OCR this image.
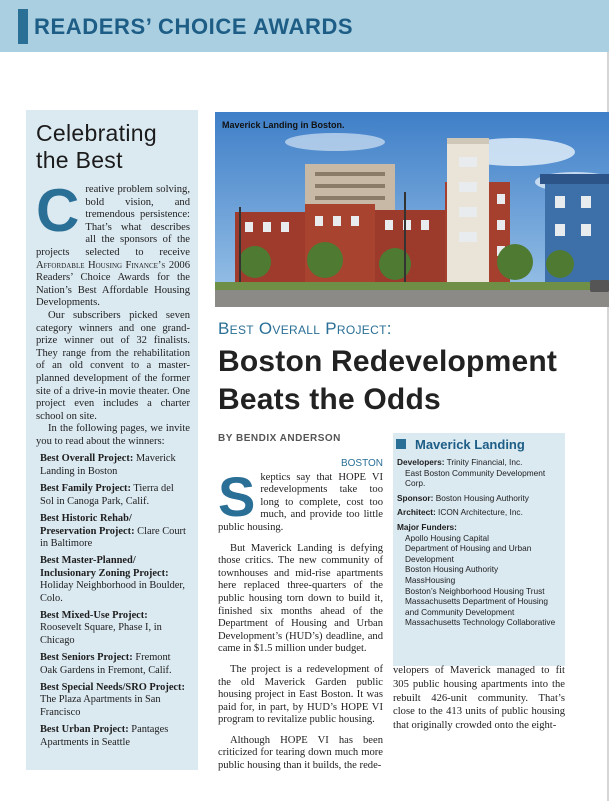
READERS’ CHOICE AWARDS
Celebrating the Best

Creative problem solving, bold vision, and tremendous persistence: That’s what describes all the sponsors of the projects selected to receive Affordable Housing Finance’s 2006 Readers’ Choice Awards for the Nation’s Best Affordable Housing Developments.

Our subscribers picked seven category winners and one grand-prize winner out of 32 finalists. They range from the rehabilitation of an old convent to a master-planned development of the former site of a drive-in movie theater. One project even includes a charter school on site.

In the following pages, we invite you to read about the winners:

Best Overall Project: Maverick Landing in Boston
Best Family Project: Tierra del Sol in Canoga Park, Calif.
Best Historic Rehab/ Preservation Project: Clare Court in Baltimore
Best Master-Planned/ Inclusionary Zoning Project: Holiday Neighborhood in Boulder, Colo.
Best Mixed-Use Project: Roosevelt Square, Phase I, in Chicago
Best Seniors Project: Fremont Oak Gardens in Fremont, Calif.
Best Special Needs/SRO Project: The Plaza Apartments in San Francisco
Best Urban Project: Pantages Apartments in Seattle
Maverick Landing in Boston.
Best Overall Project:
Boston Redevelopment Beats the Odds
BY BENDIX ANDERSON
BOSTON

Skeptics say that HOPE VI redevelopments take too long to complete, cost too much, and provide too little public housing.

But Maverick Landing is defying those critics. The new community of townhouses and mid-rise apartments here replaced three-quarters of the public housing torn down to build it, finished six months ahead of the Department of Housing and Urban Development’s (HUD’s) deadline, and came in $1.5 million under budget.

The project is a redevelopment of the old Maverick Garden public housing project in East Boston. It was paid for, in part, by HUD’s HOPE VI program to revitalize public housing.

Although HOPE VI has been criticized for tearing down much more public housing than it builds, the rede-

Maverick Landing
Developers: Trinity Financial, Inc.
East Boston Community Development Corp.
Sponsor: Boston Housing Authority
Architect: ICON Architecture, Inc.
Major Funders:
Apollo Housing Capital
Department of Housing and Urban Development
Boston Housing Authority
MassHousing
Boston’s Neighborhood Housing Trust
Massachusetts Department of Housing and Community Development
Massachusetts Technology Collaborative
velopers of Maverick managed to fit 305 public housing apartments into the rebuilt 426-unit community. That’s close to the 413 units of public housing that originally crowded onto the eight-
